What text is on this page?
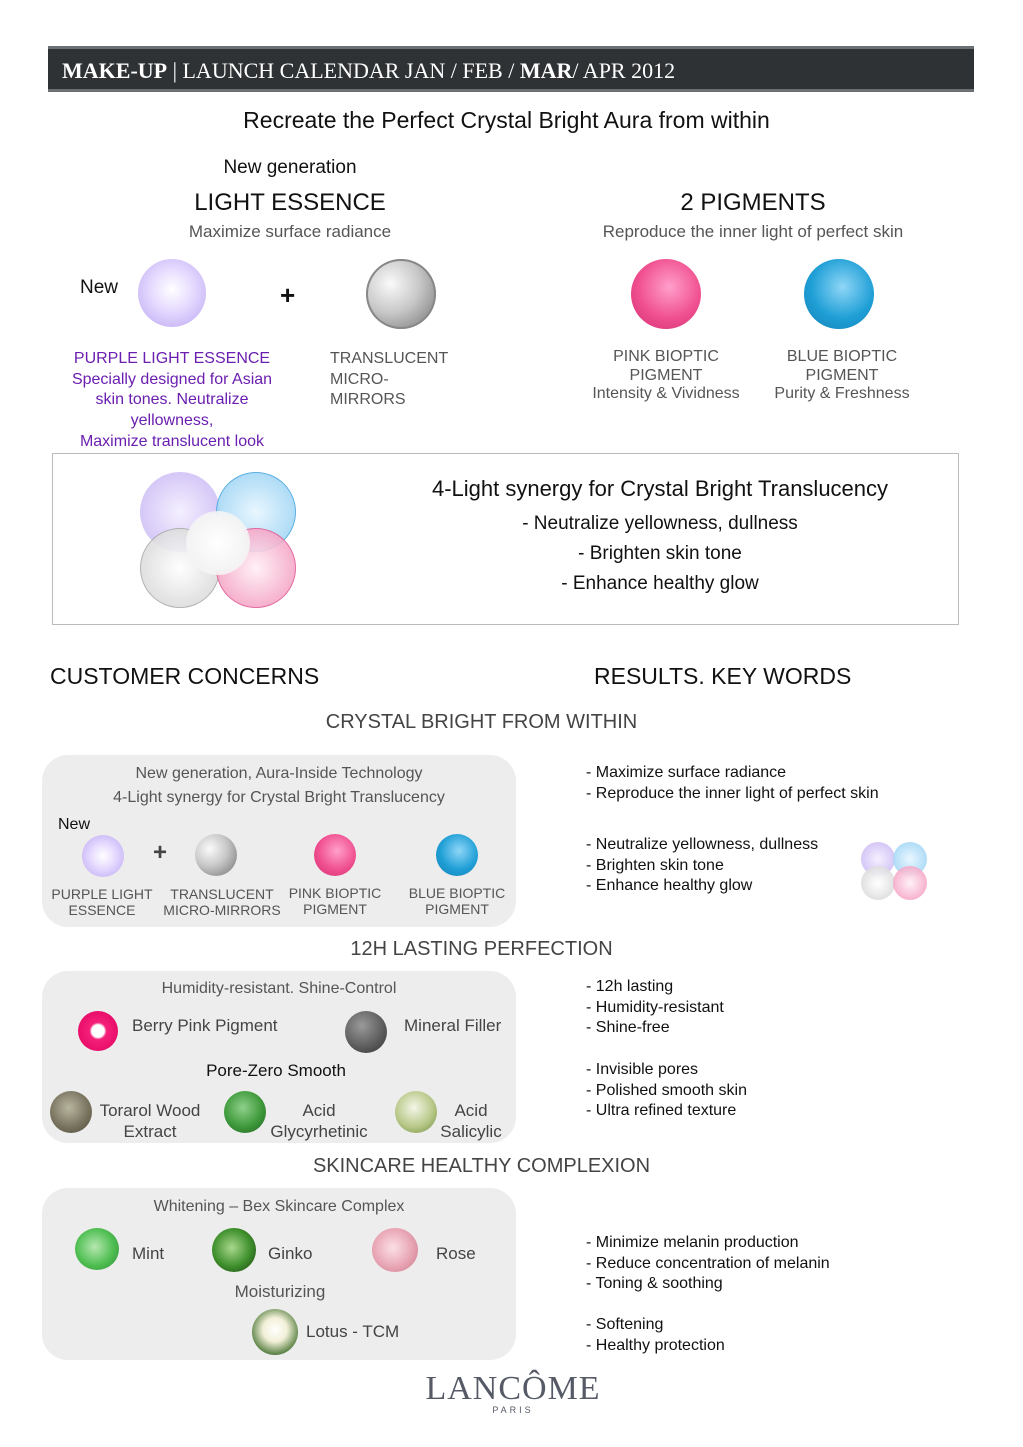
MAKE-UP | LAUNCH CALENDAR JAN / FEB / MAR/ APR 2012
Recreate the Perfect Crystal Bright Aura from within
New generation
LIGHT ESSENCE
Maximize surface radiance
New	+
PURPLE LIGHT ESSENCE
Specially designed for Asian
skin tones. Neutralize
yellowness,
Maximize translucent look
TRANSLUCENT
MICRO-
MIRRORS
2 PIGMENTS
Reproduce the inner light of perfect skin
PINK BIOPTIC
PIGMENT
Intensity & Vividness
BLUE BIOPTIC
PIGMENT
Purity & Freshness
4-Light synergy for Crystal Bright Translucency
- Neutralize yellowness, dullness
- Brighten skin tone
- Enhance healthy glow
CUSTOMER CONCERNS	RESULTS. KEY WORDS
CRYSTAL BRIGHT FROM WITHIN
New generation, Aura-Inside Technology
4-Light synergy for Crystal Bright Translucency
New
+
PURPLE LIGHT
ESSENCE
TRANSLUCENT
MICRO-MIRRORS
PINK BIOPTIC
PIGMENT
BLUE BIOPTIC
PIGMENT
- Maximize surface radiance
- Reproduce the inner light of perfect skin
- Neutralize yellowness, dullness
- Brighten skin tone
- Enhance healthy glow
12H LASTING PERFECTION
Humidity-resistant. Shine-Control
Berry Pink Pigment	Mineral Filler
Pore-Zero Smooth
Torarol Wood
Extract
Acid
Glycyrhetinic
Acid
Salicylic
- 12h lasting
- Humidity-resistant
- Shine-free
- Invisible pores
- Polished smooth skin
- Ultra refined texture
SKINCARE HEALTHY COMPLEXION
Whitening – Bex Skincare Complex
Mint	Ginko	Rose
Moisturizing
Lotus - TCM
- Minimize melanin production
- Reduce concentration of melanin
- Toning & soothing
- Softening
- Healthy protection
LANCÔME
PARIS
